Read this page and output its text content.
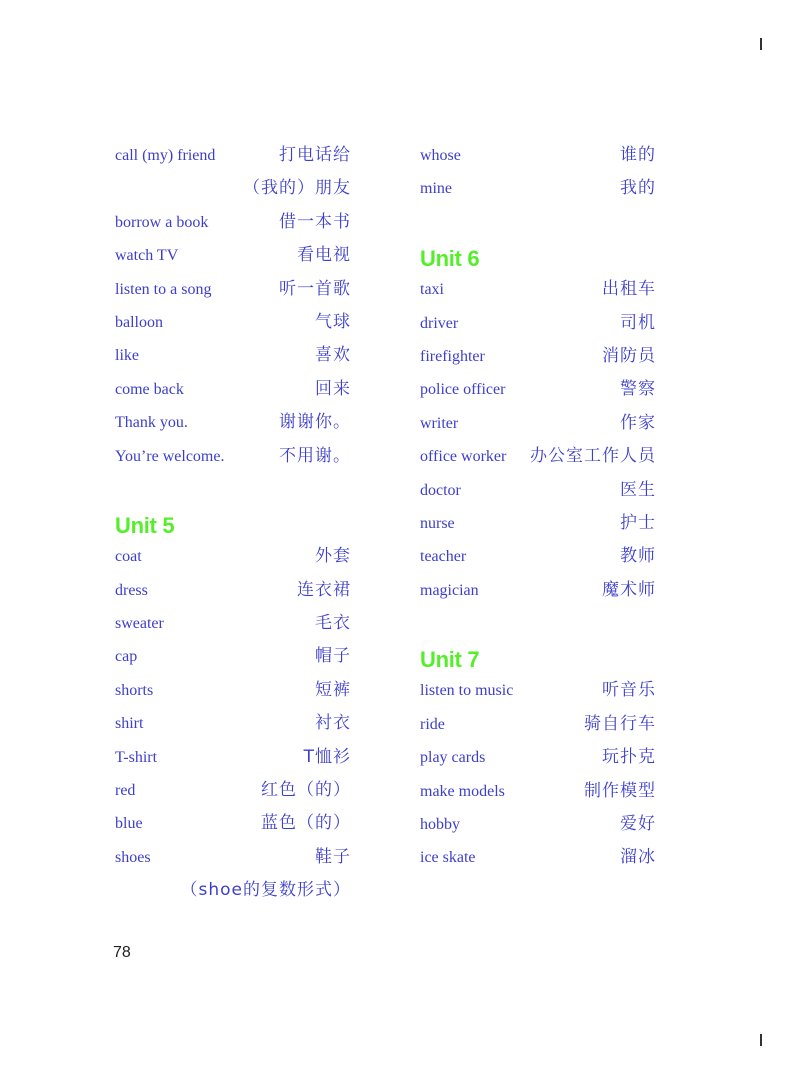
call (my) friend	打电话给
（我的）朋友
borrow a book	借一本书
watch TV	看电视
listen to a song	听一首歌
balloon	气球
like	喜欢
come back	回来
Thank you.	谢谢你。
You’re welcome.	不用谢。
Unit 5
coat	外套
dress	连衣裙
sweater	毛衣
cap	帽子
shorts	短裤
shirt	衬衣
T-shirt	T恤衫
red	红色（的）
blue	蓝色（的）
shoes	鞋子
（shoe的复数形式）
whose	谁的
mine	我的
Unit 6
taxi	出租车
driver	司机
firefighter	消防员
police officer	警察
writer	作家
office worker 办公室工作人员
doctor	医生
nurse	护士
teacher	教师
magician	魔术师
Unit 7
listen to music	听音乐
ride	骑自行车
play cards	玩扑克
make models	制作模型
hobby	爱好
ice skate	溜冰
78
